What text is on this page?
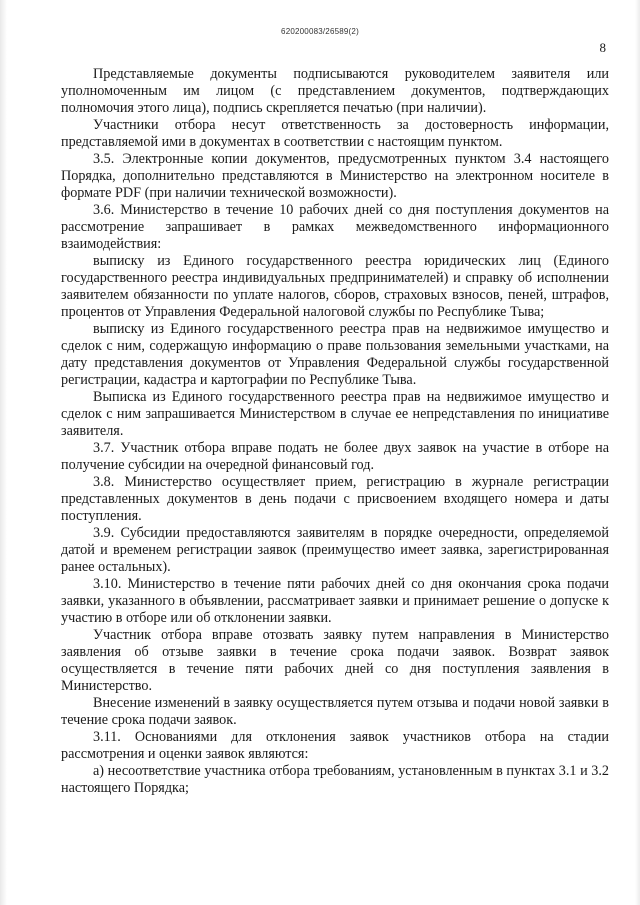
620200083/26589(2)
8

Представляемые документы подписываются руководителем заявителя или уполномоченным им лицом (с представлением документов, подтверждающих полномочия этого лица), подпись скрепляется печатью (при наличии).

Участники отбора несут ответственность за достоверность информации, представляемой ими в документах в соответствии с настоящим пунктом.

3.5. Электронные копии документов, предусмотренных пунктом 3.4 настоящего Порядка, дополнительно представляются в Министерство на электронном носителе в формате PDF (при наличии технической возможности).

3.6. Министерство в течение 10 рабочих дней со дня поступления документов на рассмотрение запрашивает в рамках межведомственного информационного взаимодействия:

выписку из Единого государственного реестра юридических лиц (Единого государственного реестра индивидуальных предпринимателей) и справку об исполнении заявителем обязанности по уплате налогов, сборов, страховых взносов, пеней, штрафов, процентов от Управления Федеральной налоговой службы по Республике Тыва;

выписку из Единого государственного реестра прав на недвижимое имущество и сделок с ним, содержащую информацию о праве пользования земельными участками, на дату представления документов от Управления Федеральной службы государственной регистрации, кадастра и картографии по Республике Тыва.

Выписка из Единого государственного реестра прав на недвижимое имущество и сделок с ним запрашивается Министерством в случае ее непредставления по инициативе заявителя.

3.7. Участник отбора вправе подать не более двух заявок на участие в отборе на получение субсидии на очередной финансовый год.

3.8. Министерство осуществляет прием, регистрацию в журнале регистрации представленных документов в день подачи с присвоением входящего номера и даты поступления.

3.9. Субсидии предоставляются заявителям в порядке очередности, определяемой датой и временем регистрации заявок (преимущество имеет заявка, зарегистрированная ранее остальных).

3.10. Министерство в течение пяти рабочих дней со дня окончания срока подачи заявки, указанного в объявлении, рассматривает заявки и принимает решение о допуске к участию в отборе или об отклонении заявки.

Участник отбора вправе отозвать заявку путем направления в Министерство заявления об отзыве заявки в течение срока подачи заявок. Возврат заявок осуществляется в течение пяти рабочих дней со дня поступления заявления в Министерство.

Внесение изменений в заявку осуществляется путем отзыва и подачи новой заявки в течение срока подачи заявок.

3.11. Основаниями для отклонения заявок участников отбора на стадии рассмотрения и оценки заявок являются:

а) несоответствие участника отбора требованиям, установленным в пунктах 3.1 и 3.2 настоящего Порядка;
